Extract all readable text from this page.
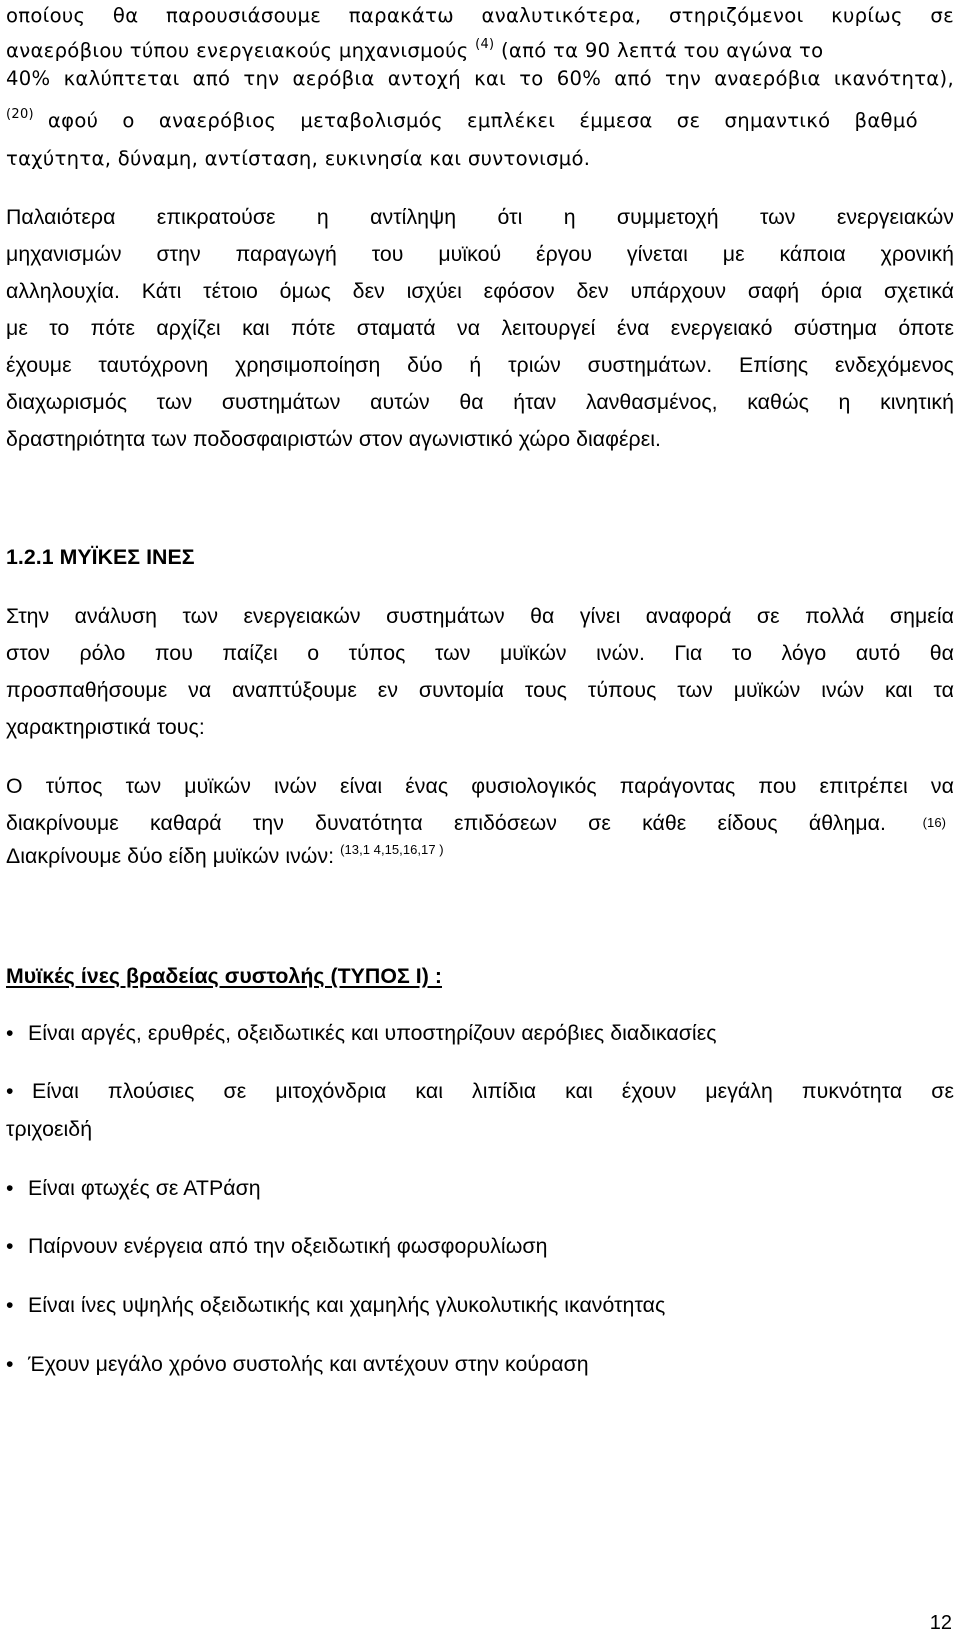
οποίους θα παρουσιάσουμε παρακάτω αναλυτικότερα, στηριζόμενοι κυρίως σε
αναερόβιου τύπου ενεργειακούς μηχανισμούς $^{(4)}$ (από τα 90 λεπτά του αγώνα το
40% καλύπτεται από την αερόβια αντοχή και το 60% από την αναερόβια ικανότητα),
$^{(20)}$ αφού ο αναερόβιος μεταβολισμός εμπλέκει έμμεσα σε σημαντικό βαθμό
ταχύτητα, δύναμη, αντίσταση, ευκινησία και συντονισμό.
Παλαιότερα επικρατούσε η αντίληψη ότι η συμμετοχή των ενεργειακών
μηχανισμών στην παραγωγή του μυϊκού έργου γίνεται με κάποια χρονική
αλληλουχία. Κάτι τέτοιο όμως δεν ισχύει εφόσον δεν υπάρχουν σαφή όρια σχετικά
με το πότε αρχίζει και πότε σταματά να λειτουργεί ένα ενεργειακό σύστημα όποτε
έχουμε ταυτόχρονη χρησιμοποίηση δύο ή τριών συστημάτων. Επίσης ενδεχόμενος
διαχωρισμός των συστημάτων αυτών θα ήταν λανθασμένος, καθώς η κινητική
δραστηριότητα των ποδοσφαιριστών στον αγωνιστικό χώρο διαφέρει.
1.2.1 ΜΥΪΚΕΣ ΙΝΕΣ
Στην ανάλυση των ενεργειακών συστημάτων θα γίνει αναφορά σε πολλά σημεία
στον ρόλο που παίζει ο τύπος των μυϊκών ινών. Για το λόγο αυτό θα
προσπαθήσουμε να αναπτύξουμε εν συντομία τους τύπους των μυϊκών ινών και τα
χαρακτηριστικά τους:
Ο τύπος των μυϊκών ινών είναι ένας φυσιολογικός παράγοντας που επιτρέπει να
διακρίνουμε καθαρά την δυνατότητα επιδόσεων σε κάθε είδους άθλημα.	(16)
Διακρίνουμε δύο είδη μυϊκών ινών: $^{(13,1 4,15,16,17 )}$
Μυϊκές ίνες βραδείας συστολής (ΤΥΠΟΣ Ι) :
• Είναι αργές, ερυθρές, οξειδωτικές και υποστηρίζουν αερόβιες διαδικασίες
• Είναι πλούσιες σε μιτοχόνδρια και λιπίδια και έχουν μεγάλη πυκνότητα σε
τριχοειδή
• Είναι φτωχές σε ΑΤΡάση
• Παίρνουν ενέργεια από την οξειδωτική φωσφορυλίωση
• Είναι ίνες υψηλής οξειδωτικής και χαμηλής γλυκολυτικής ικανότητας
• Έχουν μεγάλο χρόνο συστολής και αντέχουν στην κούραση
12
